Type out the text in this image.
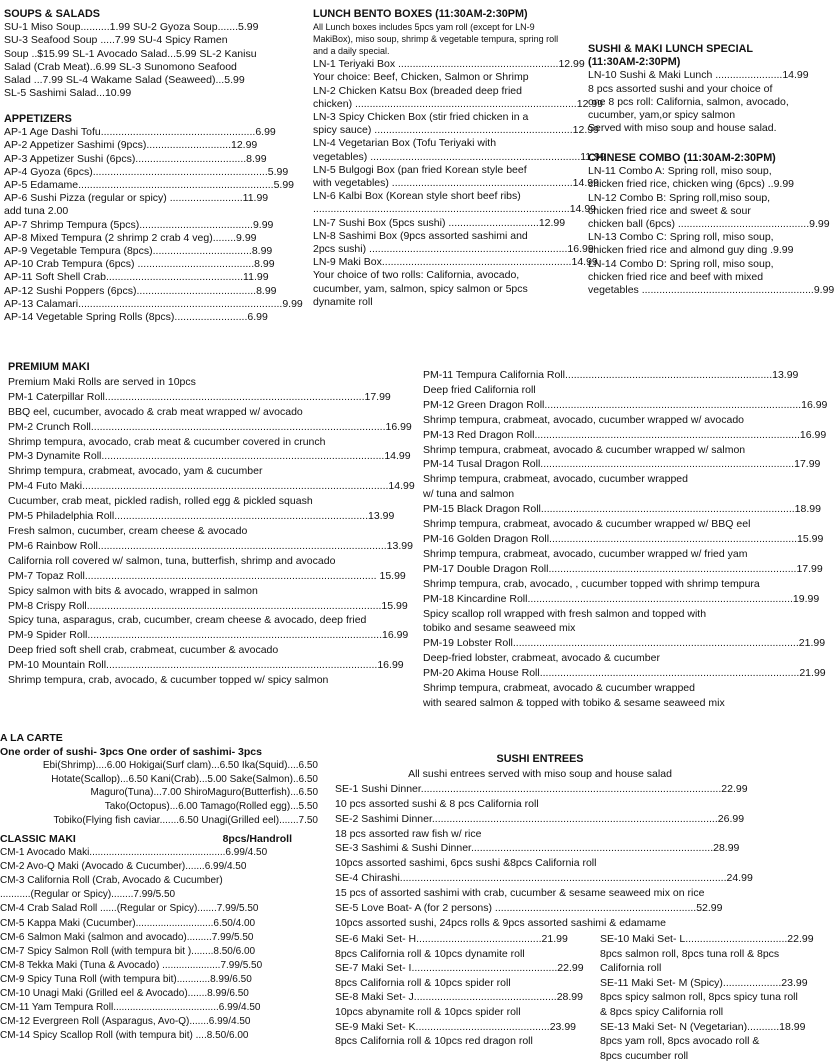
SOUPS & SALADS
SU-1 Miso Soup..........1.99 SU-2 Gyoza Soup.......5.99
SU-3 Seafood Soup .....7.99 SU-4 Spicy Ramen
Soup ..$15.99 SL-1 Avocado Salad...5.99 SL-2 Kanisu
Salad (Crab Meat)..6.99 SL-3 Sunomono Seafood
Salad ...7.99 SL-4 Wakame Salad (Seaweed)...5.99
SL-5 Sashimi Salad...10.99
APPETIZERS
AP-1 Age Dashi Tofu.....................................................6.99
AP-2 Appetizer Sashimi (9pcs).............................12.99
AP-3 Appetizer Sushi (6pcs)......................................8.99
AP-4 Gyoza (6pcs)............................................................5.99
AP-5 Edamame...................................................................5.99
AP-6 Sushi Pizza (regular or spicy) .........................11.99
add tuna 2.00
AP-7 Shrimp Tempura (5pcs).......................................9.99
AP-8 Mixed Tempura (2 shrimp 2 crab 4 veg)........9.99
AP-9 Vegetable Tempura (8pcs)..................................8.99
AP-10 Crab Tempura (6pcs) ........................................8.99
AP-11 Soft Shell Crab...............................................11.99
AP-12 Sushi Poppers (6pcs).........................................8.99
AP-13 Calamari......................................................................9.99
AP-14 Vegetable Spring Rolls (8pcs).........................6.99
LUNCH BENTO BOXES (11:30AM-2:30PM)
All Lunch boxes includes 5pcs yam roll (except for LN-9 MakiBox), miso soup, shrimp & vegetable tempura, spring roll and a daily special.
LN-1 Teriyaki Box .......................................................12.99
Your choice: Beef, Chicken, Salmon or Shrimp
LN-2 Chicken Katsu Box (breaded deep fried
chicken) ............................................................................12.99
LN-3 Spicy Chicken Box (stir fried chicken in a
spicy sauce) ....................................................................12.99
LN-4 Vegetarian Box (Tofu Teriyaki with
vegetables) ........................................................................11.99
LN-5 Bulgogi Box (pan fried Korean style beef
with vegetables) ..............................................................14.99
LN-6 Kalbi Box (Korean style short beef ribs)
........................................................................................14.99
LN-7 Sushi Box (5pcs sushi) ...............................12.99
LN-8 Sashimi Box (9pcs assorted sashimi and
2pcs sushi) ....................................................................16.99
LN-9 Maki Box.................................................................14.99
Your choice of two rolls: California, avocado,
cucumber, yam, salmon, spicy salmon or 5pcs
dynamite roll
SUSHI & MAKI LUNCH SPECIAL
(11:30AM-2:30PM)
LN-10 Sushi & Maki Lunch .......................14.99
8 pcs assorted sushi and your choice of
one 8 pcs roll: California, salmon, avocado,
cucumber, yam,or spicy salmon
Served with miso soup and house salad.
CHINESE COMBO (11:30AM-2:30PM)
LN-11 Combo A: Spring roll, miso soup,
chicken fried rice, chicken wing (6pcs) ..9.99
LN-12 Combo B: Spring roll,miso soup,
chicken fried rice and sweet & sour
chicken ball (6pcs) .............................................9.99
LN-13 Combo C: Spring roll, miso soup,
chicken fried rice and almond guy ding .9.99
LN-14 Combo D: Spring roll, miso soup,
chicken fried rice and beef with mixed
vegetables ...........................................................9.99
PREMIUM MAKI
Premium Maki Rolls are served in 10pcs
PM-1 Caterpillar Roll.........................................................................................17.99
BBQ eel, cucumber, avocado & crab meat wrapped w/ avocado
PM-2 Crunch Roll.....................................................................................................16.99
Shrimp tempura, avocado, crab meat & cucumber covered in crunch
PM-3 Dynamite Roll.................................................................................................14.99
Shrimp tempura, crabmeat, avocado, yam & cucumber
PM-4 Futo Maki.........................................................................................................14.99
Cucumber, crab meat, pickled radish, rolled egg & pickled squash
PM-5 Philadelphia Roll.......................................................................................13.99
Fresh salmon, cucumber, cream cheese & avocado
PM-6 Rainbow Roll...................................................................................................13.99
California roll covered w/ salmon, tuna, butterfish, shrimp and avocado
PM-7 Topaz Roll.................................................................................................... 15.99
Spicy salmon with bits & avocado, wrapped in salmon
PM-8 Crispy Roll.....................................................................................................15.99
Spicy tuna, asparagus, crab, cucumber, cream cheese & avocado, deep fried
PM-9 Spider Roll.....................................................................................................16.99
Deep fried soft shell crab, crabmeat, cucumber & avocado
PM-10 Mountain Roll.............................................................................................16.99
Shrimp tempura, crab, avocado, & cucumber topped w/ spicy salmon
PM-11 Tempura California Roll.......................................................................13.99
Deep fried California roll
PM-12 Green Dragon Roll........................................................................................16.99
Shrimp tempura, crabmeat, avocado, cucumber wrapped w/ avocado
PM-13 Red Dragon Roll...........................................................................................16.99
Shrimp tempura, crabmeat, avocado & cucumber wrapped w/ salmon
PM-14 Tusal Dragon Roll.......................................................................................17.99
Shrimp tempura, crabmeat, avocado, cucumber wrapped
w/ tuna and salmon
PM-15 Black Dragon Roll.......................................................................................18.99
Shrimp tempura, crabmeat, avocado & cucumber wrapped w/ BBQ eel
PM-16 Golden Dragon Roll.....................................................................................15.99
Shrimp tempura, crabmeat, avocado, cucumber wrapped w/ fried yam
PM-17 Double Dragon Roll.....................................................................................17.99
Shrimp tempura, crab, avocado, , cucumber topped with shrimp tempura
PM-18 Kincardine Roll...........................................................................................19.99
Spicy scallop roll wrapped with fresh salmon and topped with
tobiko and sesame seaweed mix
PM-19 Lobster Roll..................................................................................................21.99
Deep-fried lobster, crabmeat, avocado & cucumber
PM-20 Akima House Roll.........................................................................................21.99
Shrimp tempura, crabmeat, avocado & cucumber wrapped
with seared salmon & topped with tobiko & sesame seaweed mix
A LA CARTE
One order of sushi- 3pcs One order of sashimi- 3pcs
Ebi(Shrimp)....6.00 Hokigai(Surf clam)...6.50 Ika(Squid)....6.50
Hotate(Scallop)...6.50 Kani(Crab)...5.00 Sake(Salmon)..6.50
Maguro(Tuna)...7.00 ShiroMaguro(Butterfish)...6.50
Tako(Octopus)...6.00 Tamago(Rolled egg)...5.50
Tobiko(Flying fish caviar.......6.50 Unagi(Grilled eel).......7.50
CLASSIC MAKI	8pcs/Handroll
CM-1 Avocado Maki.................................................6.99/4.50
CM-2 Avo-Q Maki (Avocado & Cucumber).......6.99/4.50
CM-3 California Roll (Crab, Avocado & Cucumber)
...........(Regular or Spicy)........7.99/5.50
CM-4 Crab Salad Roll ......(Regular or Spicy).......7.99/5.50
CM-5 Kappa Maki (Cucumber)............................6.50/4.00
CM-6 Salmon Maki (salmon and avocado).........7.99/5.50
CM-7 Spicy Salmon Roll (with tempura bit )........8.50/6.00
CM-8 Tekka Maki (Tuna & Avocado) .....................7.99/5.50
CM-9 Spicy Tuna Roll (with tempura bit)............8.99/6.50
CM-10 Unagi Maki (Grilled eel & Avocado).......8.99/6.50
CM-11 Yam Tempura Roll......................................6.99/4.50
CM-12 Evergreen Roll (Asparagus, Avo-Q).......6.99/4.50
CM-14 Spicy Scallop Roll (with tempura bit) ....8.50/6.00
SUSHI ENTREES
All sushi entrees served with miso soup and house salad
SE-1 Sushi Dinner.......................................................................................................22.99
10 pcs assorted sushi & 8 pcs California roll
SE-2 Sashimi Dinner..................................................................................................26.99
18 pcs assorted raw fish w/ rice
SE-3 Sashimi & Sushi Dinner...................................................................................28.99
10pcs assorted sashimi, 6pcs sushi &8pcs California roll
SE-4 Chirashi................................................................................................................24.99
15 pcs of assorted sashimi with crab, cucumber & sesame seaweed mix on rice
SE-5 Love Boat- A (for 2 persons) .....................................................................52.99
10pcs assorted sushi, 24pcs rolls & 9pcs assorted sashimi & edamame
SE-6 Maki Set- H...........................................21.99
8pcs California roll & 10pcs dynamite roll
SE-7 Maki Set- I..................................................22.99
8pcs California roll & 10pcs spider roll
SE-8 Maki Set- J.................................................28.99
10pcs abynamite roll & 10pcs spider roll
SE-9 Maki Set- K..............................................23.99
8pcs California roll & 10pcs red dragon roll
SE-10 Maki Set- L...................................22.99
8pcs salmon roll, 8pcs tuna roll & 8pcs
California roll
SE-11 Maki Set- M (Spicy)....................23.99
8pcs spicy salmon roll, 8pcs spicy tuna roll
& 8pcs spicy California roll
SE-13 Maki Set- N (Vegetarian)...........18.99
8pcs yam roll, 8pcs avocado roll &
8pcs cucumber roll
